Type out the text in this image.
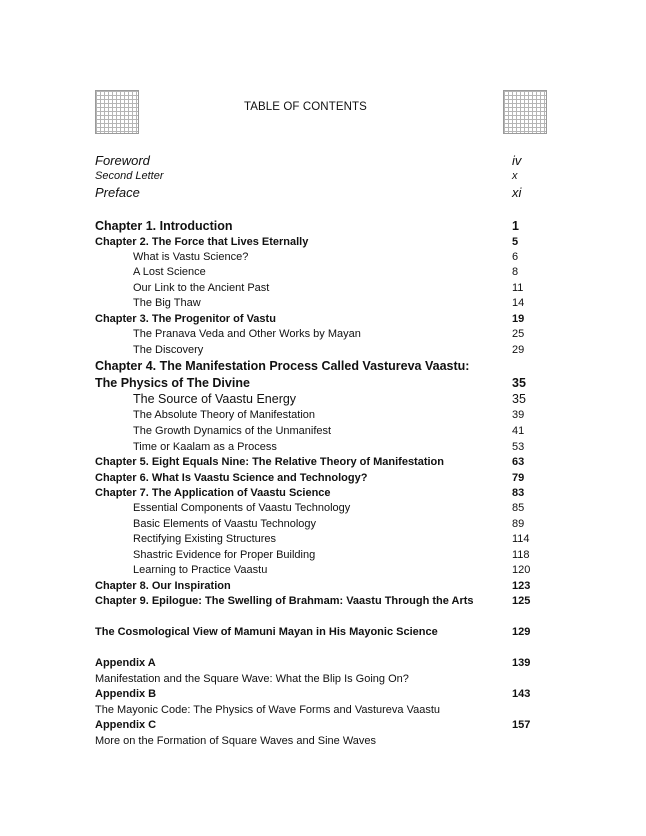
TABLE OF CONTENTS
Foreword	iv
Second Letter	x
Preface	xi
Chapter 1. Introduction	1
Chapter 2. The Force that Lives Eternally	5
What is Vastu Science?	6
A Lost Science	8
Our Link to the Ancient Past	11
The Big Thaw	14
Chapter 3. The Progenitor of Vastu	19
The Pranava Veda and Other Works by Mayan	25
The Discovery	29
Chapter 4. The Manifestation Process Called Vastureva Vaastu:
The Physics of The Divine	35
The Source of Vaastu Energy	35
The Absolute Theory of Manifestation	39
The Growth Dynamics of the Unmanifest	41
Time or Kaalam as a Process	53
Chapter 5. Eight Equals Nine: The Relative Theory of Manifestation	63
Chapter 6. What Is Vaastu Science and Technology?	79
Chapter 7. The Application of Vaastu Science	83
Essential Components of Vaastu Technology	85
Basic Elements of Vaastu Technology	89
Rectifying Existing Structures	114
Shastric Evidence for Proper Building	118
Learning to Practice Vaastu	120
Chapter 8. Our Inspiration	123
Chapter 9. Epilogue: The Swelling of Brahmam: Vaastu Through the Arts	125
The Cosmological View of Mamuni Mayan in His Mayonic Science	129
Appendix A	139
Manifestation and the Square Wave: What the Blip Is Going On?
Appendix B	143
The Mayonic Code: The Physics of Wave Forms and Vastureva Vaastu
Appendix C	157
More on the Formation of Square Waves and Sine Waves
